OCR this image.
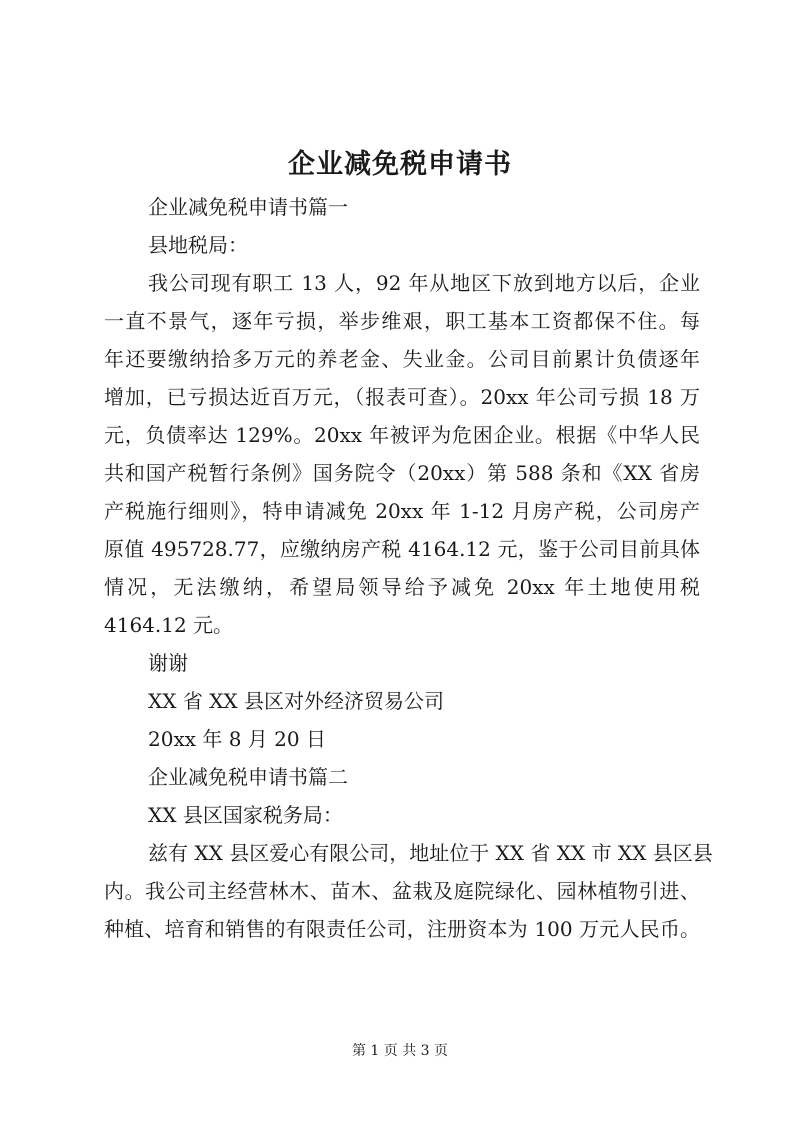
企业减免税申请书
企业减免税申请书篇一
县地税局：
我公司现有职工 13 人，92 年从地区下放到地方以后，企业
一直不景气，逐年亏损，举步维艰，职工基本工资都保不住。每
年还要缴纳拾多万元的养老金、失业金。公司目前累计负债逐年
增加，已亏损达近百万元，（报表可查）。20xx 年公司亏损 18 万
元，负债率达 129%。20xx 年被评为危困企业。根据《中华人民
共和国产税暂行条例》国务院令（20xx）第 588 条和《XX 省房
产税施行细则》，特申请减免 20xx 年 1-12 月房产税，公司房产
原值 495728.77，应缴纳房产税 4164.12 元，鉴于公司目前具体
情况，无法缴纳，希望局领导给予减免 20xx 年土地使用税
4164.12 元。
谢谢
XX 省 XX 县区对外经济贸易公司
20xx 年 8 月 20 日
企业减免税申请书篇二
XX 县区国家税务局：
兹有 XX 县区爱心有限公司，地址位于 XX 省 XX 市 XX 县区县
内。我公司主经营林木、苗木、盆栽及庭院绿化、园林植物引进、
种植、培育和销售的有限责任公司，注册资本为 100 万元人民币。
第 1 页 共 3 页
